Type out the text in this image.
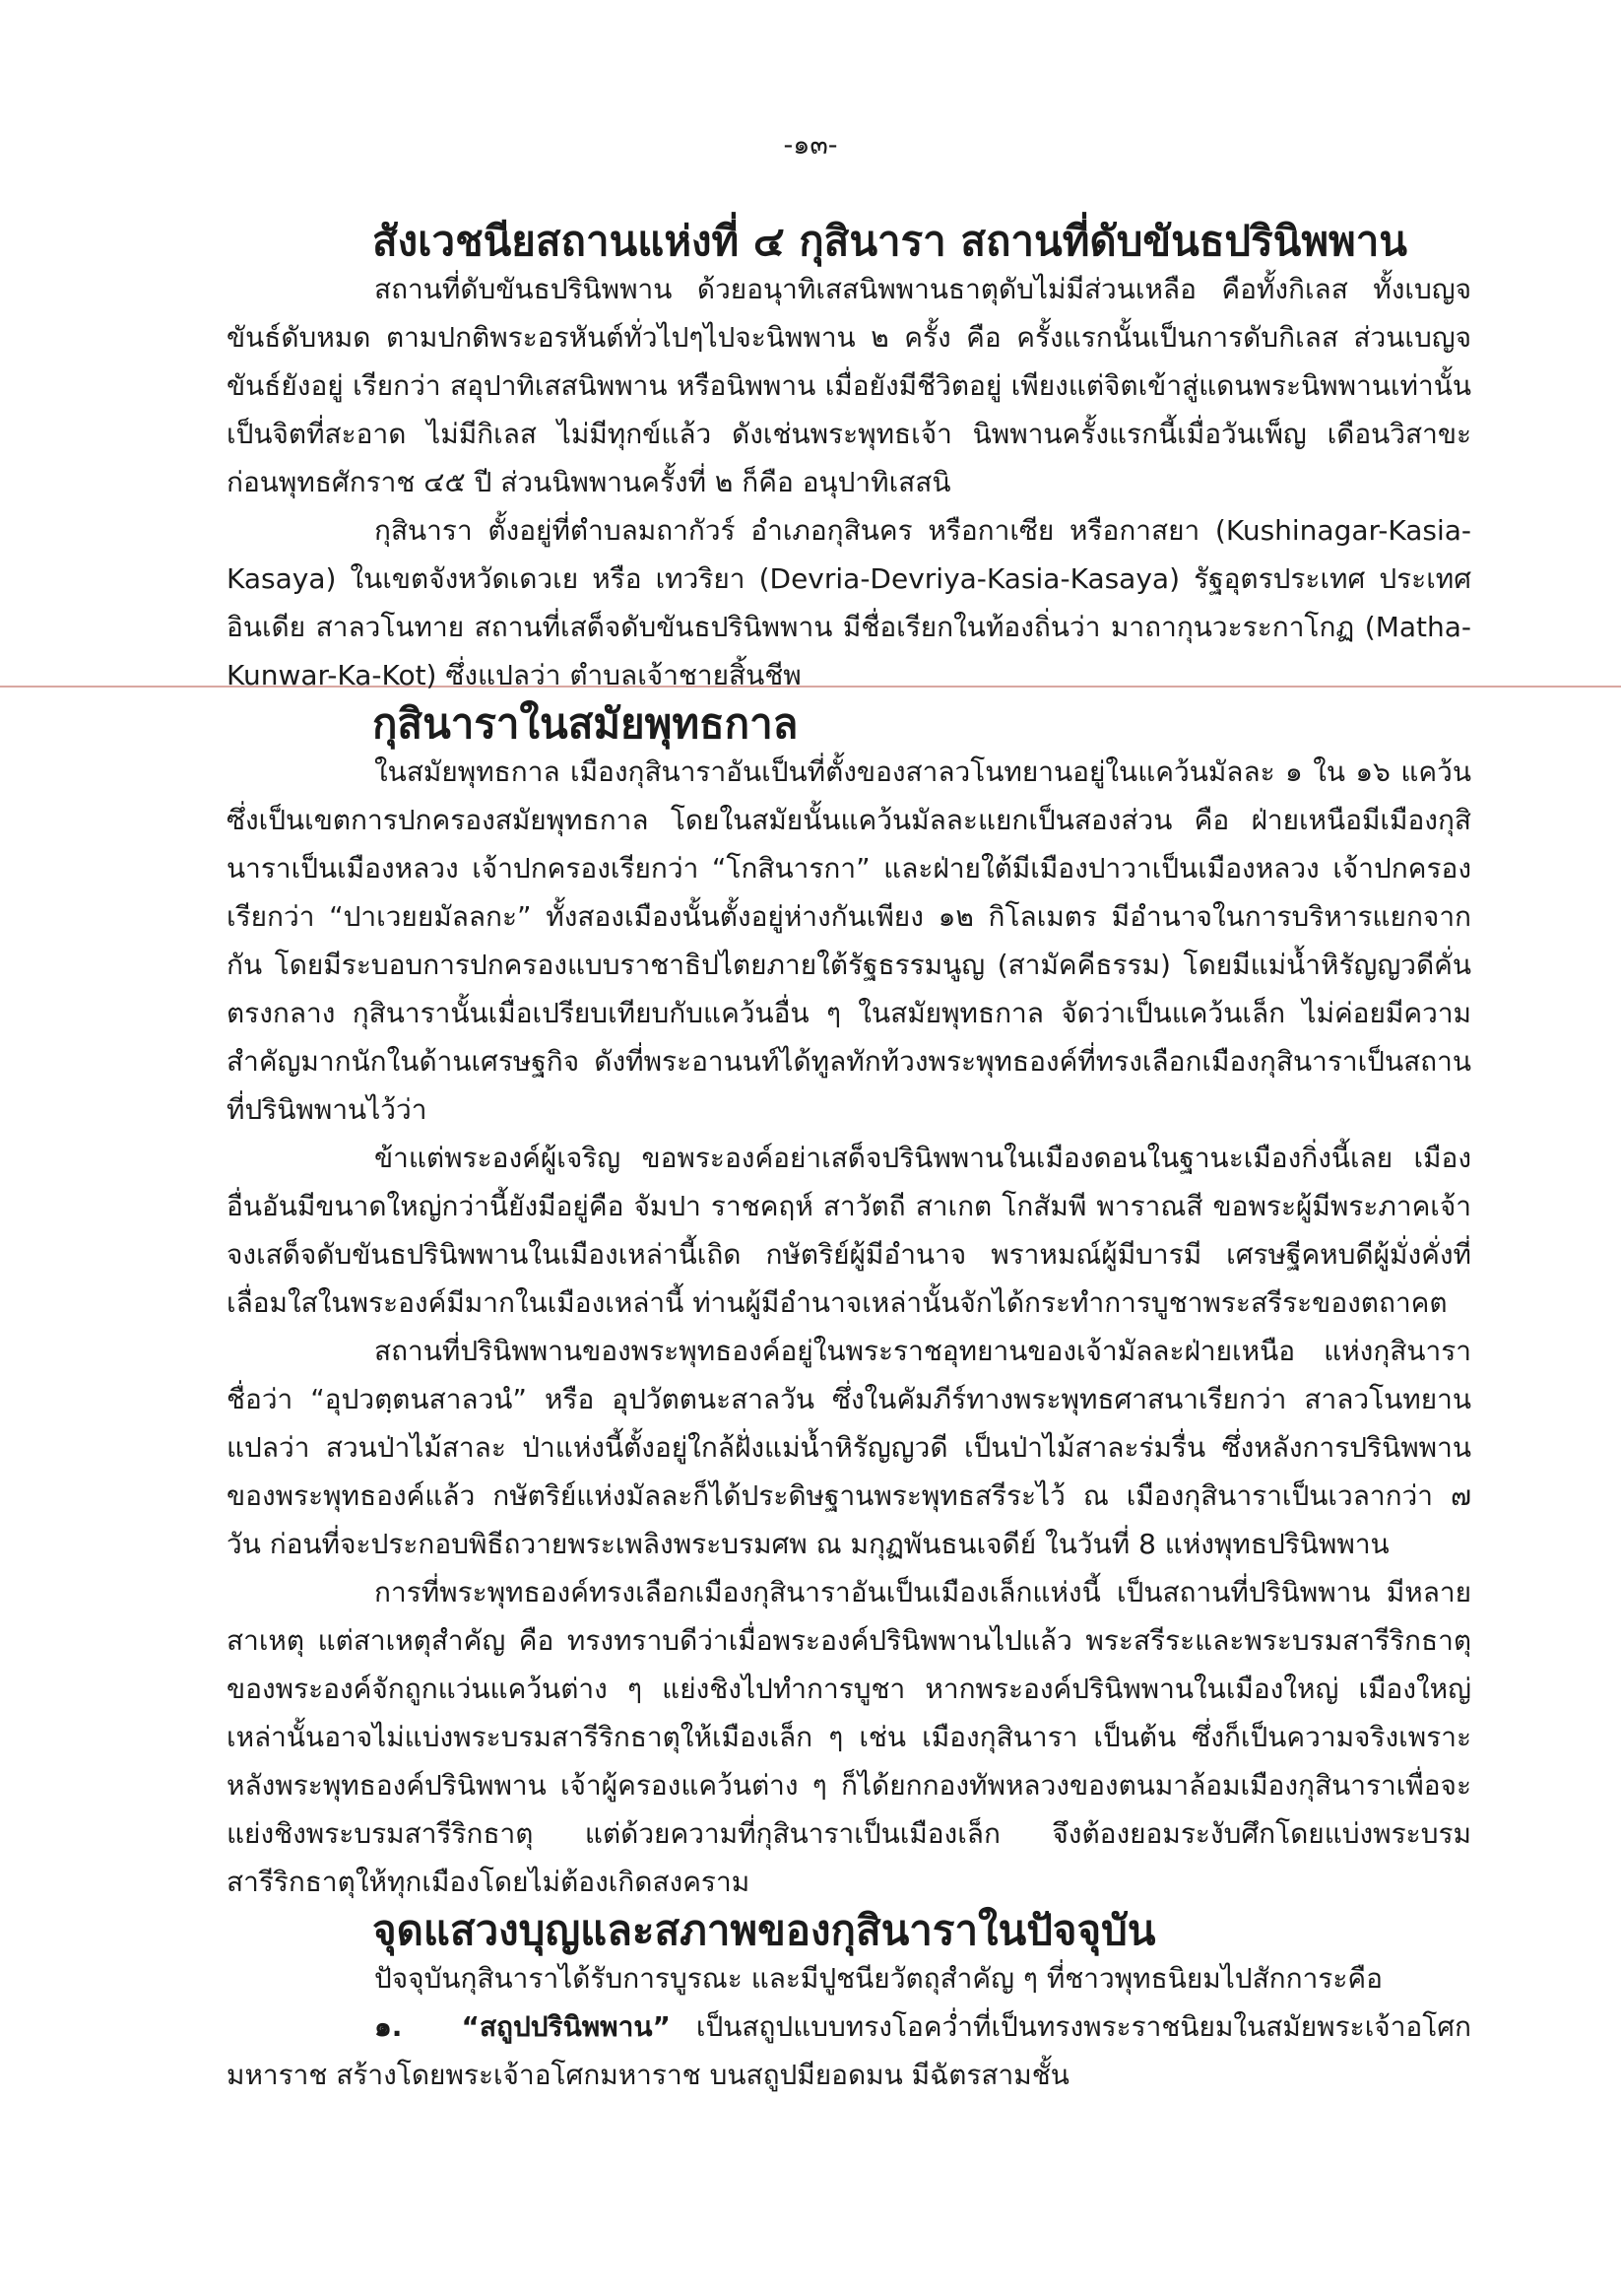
-๑๓-
สังเวชนียสถานแห่งที่ ๔ กุสินารา สถานที่ดับขันธปรินิพพาน

สถานที่ดับขันธปรินิพพาน ด้วยอนุาทิเสสนิพพานธาตุดับไม่มีส่วนเหลือ คือทั้งกิเลส ทั้งเบญจขันธ์ดับหมด ตามปกติพระอรหันต์ทั่วไปๆไปจะนิพพาน ๒ ครั้ง คือ ครั้งแรกนั้นเป็นการดับกิเลส ส่วนเบญจขันธ์ยังอยู่ เรียกว่า สอุปาทิเสสนิพพาน หรือนิพพาน เมื่อยังมีชีวิตอยู่ เพียงแต่จิตเข้าสู่แดนพระนิพพานเท่านั้น เป็นจิตที่สะอาด ไม่มีกิเลส ไม่มีทุกข์แล้ว ดังเช่นพระพุทธเจ้า นิพพานครั้งแรกนี้เมื่อวันเพ็ญ เดือนวิสาขะ ก่อนพุทธศักราช ๔๕ ปี ส่วนนิพพานครั้งที่ ๒ ก็คือ อนุปาทิเสสนิ

กุสินารา ตั้งอยู่ที่ตำบลมถากัวร์ อำเภอกุสินคร หรือกาเซีย หรือกาสยา (Kushinagar-Kasia-Kasaya) ในเขตจังหวัดเดวเย หรือ เทวริยา (Devria-Devriya-Kasia-Kasaya) รัฐอุตรประเทศ ประเทศอินเดีย สาลวโนทาย สถานที่เสด็จดับขันธปรินิพพาน มีชื่อเรียกในท้องถิ่นว่า มาถากุนวะระกาโกฏ (Matha-Kunwar-Ka-Kot) ซึ่งแปลว่า ตำบลเจ้าชายสิ้นชีพ

กุสินาราในสมัยพุทธกาล

ในสมัยพุทธกาล เมืองกุสินาราอันเป็นที่ตั้งของสาลวโนทยานอยู่ในแคว้นมัลละ ๑ ใน ๑๖ แคว้น ซึ่งเป็นเขตการปกครองสมัยพุทธกาล โดยในสมัยนั้นแคว้นมัลละแยกเป็นสองส่วน คือ ฝ่ายเหนือมีเมืองกุสินาราเป็นเมืองหลวง เจ้าปกครองเรียกว่า “โกสินารกา” และฝ่ายใต้มีเมืองปาวาเป็นเมืองหลวง เจ้าปกครองเรียกว่า “ปาเวยยมัลลกะ” ทั้งสองเมืองนั้นตั้งอยู่ห่างกันเพียง ๑๒ กิโลเมตร มีอำนาจในการบริหารแยกจากกัน โดยมีระบอบการปกครองแบบราชาธิปไตยภายใต้รัฐธรรมนูญ (สามัคคีธรรม) โดยมีแม่น้ำหิรัญญวดีคั่นตรงกลาง กุสินารานั้นเมื่อเปรียบเทียบกับแคว้นอื่น ๆ ในสมัยพุทธกาล จัดว่าเป็นแคว้นเล็ก ไม่ค่อยมีความสำคัญมากนักในด้านเศรษฐกิจ ดังที่พระอานนท์ได้ทูลทักท้วงพระพุทธองค์ที่ทรงเลือกเมืองกุสินาราเป็นสถาน ที่ปรินิพพานไว้ว่า

ข้าแต่พระองค์ผู้เจริญ ขอพระองค์อย่าเสด็จปรินิพพานในเมืองดอนในฐานะเมืองกิ่งนี้เลย เมืองอื่นอันมีขนาดใหญ่กว่านี้ยังมีอยู่คือ จัมปา ราชคฤห์ สาวัตถี สาเกต โกสัมพี พาราณสี ขอพระผู้มีพระภาคเจ้าจงเสด็จดับขันธปรินิพพานในเมืองเหล่านี้เถิด กษัตริย์ผู้มีอำนาจ พราหมณ์ผู้มีบารมี เศรษฐีคหบดีผู้มั่งคั่งที่เลื่อมใสในพระองค์มีมากในเมืองเหล่านี้ ท่านผู้มีอำนาจเหล่านั้นจักได้กระทำการบูชาพระสรีระของตถาคต

สถานที่ปรินิพพานของพระพุทธองค์อยู่ในพระราชอุทยานของเจ้ามัลละฝ่ายเหนือ แห่งกุสินารา ชื่อว่า “อุปวตฺตนสาลวนํ” หรือ อุปวัตตนะสาลวัน ซึ่งในคัมภีร์ทางพระพุทธศาสนาเรียกว่า สาลวโนทยาน แปลว่า สวนป่าไม้สาละ ป่าแห่งนี้ตั้งอยู่ใกล้ฝั่งแม่น้ำหิรัญญวดี เป็นป่าไม้สาละร่มรื่น ซึ่งหลังการปรินิพพานของพระพุทธองค์แล้ว กษัตริย์แห่งมัลละก็ได้ประดิษฐานพระพุทธสรีระไว้ ณ เมืองกุสินาราเป็นเวลากว่า ๗ วัน ก่อนที่จะประกอบพิธีถวายพระเพลิงพระบรมศพ ณ มกุฏพันธนเจดีย์ ในวันที่ 8 แห่งพุทธปรินิพพาน

การที่พระพุทธองค์ทรงเลือกเมืองกุสินาราอันเป็นเมืองเล็กแห่งนี้ เป็นสถานที่ปรินิพพาน มีหลายสาเหตุ แต่สาเหตุสำคัญ คือ ทรงทราบดีว่าเมื่อพระองค์ปรินิพพานไปแล้ว พระสรีระและพระบรมสารีริกธาตุของพระองค์จักถูกแว่นแคว้นต่าง ๆ แย่งชิงไปทำการบูชา หากพระองค์ปรินิพพานในเมืองใหญ่ เมืองใหญ่เหล่านั้นอาจไม่แบ่งพระบรมสารีริกธาตุให้เมืองเล็ก ๆ เช่น เมืองกุสินารา เป็นต้น ซึ่งก็เป็นความจริงเพราะหลังพระพุทธองค์ปรินิพพาน เจ้าผู้ครองแคว้นต่าง ๆ ก็ได้ยกกองทัพหลวงของตนมาล้อมเมืองกุสินาราเพื่อจะแย่งชิงพระบรมสารีริกธาตุ แต่ด้วยความที่กุสินาราเป็นเมืองเล็ก จึงต้องยอมระงับศึกโดยแบ่งพระบรมสารีริกธาตุให้ทุกเมืองโดยไม่ต้องเกิดสงคราม

จุดแสวงบุญและสภาพของกุสินาราในปัจจุบัน

ปัจจุบันกุสินาราได้รับการบูรณะ และมีปูชนียวัตถุสำคัญ ๆ ที่ชาวพุทธนิยมไปสักการะคือ

๑. “สถูปปรินิพพาน” เป็นสถูปแบบทรงโอคว่ำที่เป็นทรงพระราชนิยมในสมัยพระเจ้าอโศกมหาราช สร้างโดยพระเจ้าอโศกมหาราช บนสถูปมียอดมน มีฉัตรสามชั้น
